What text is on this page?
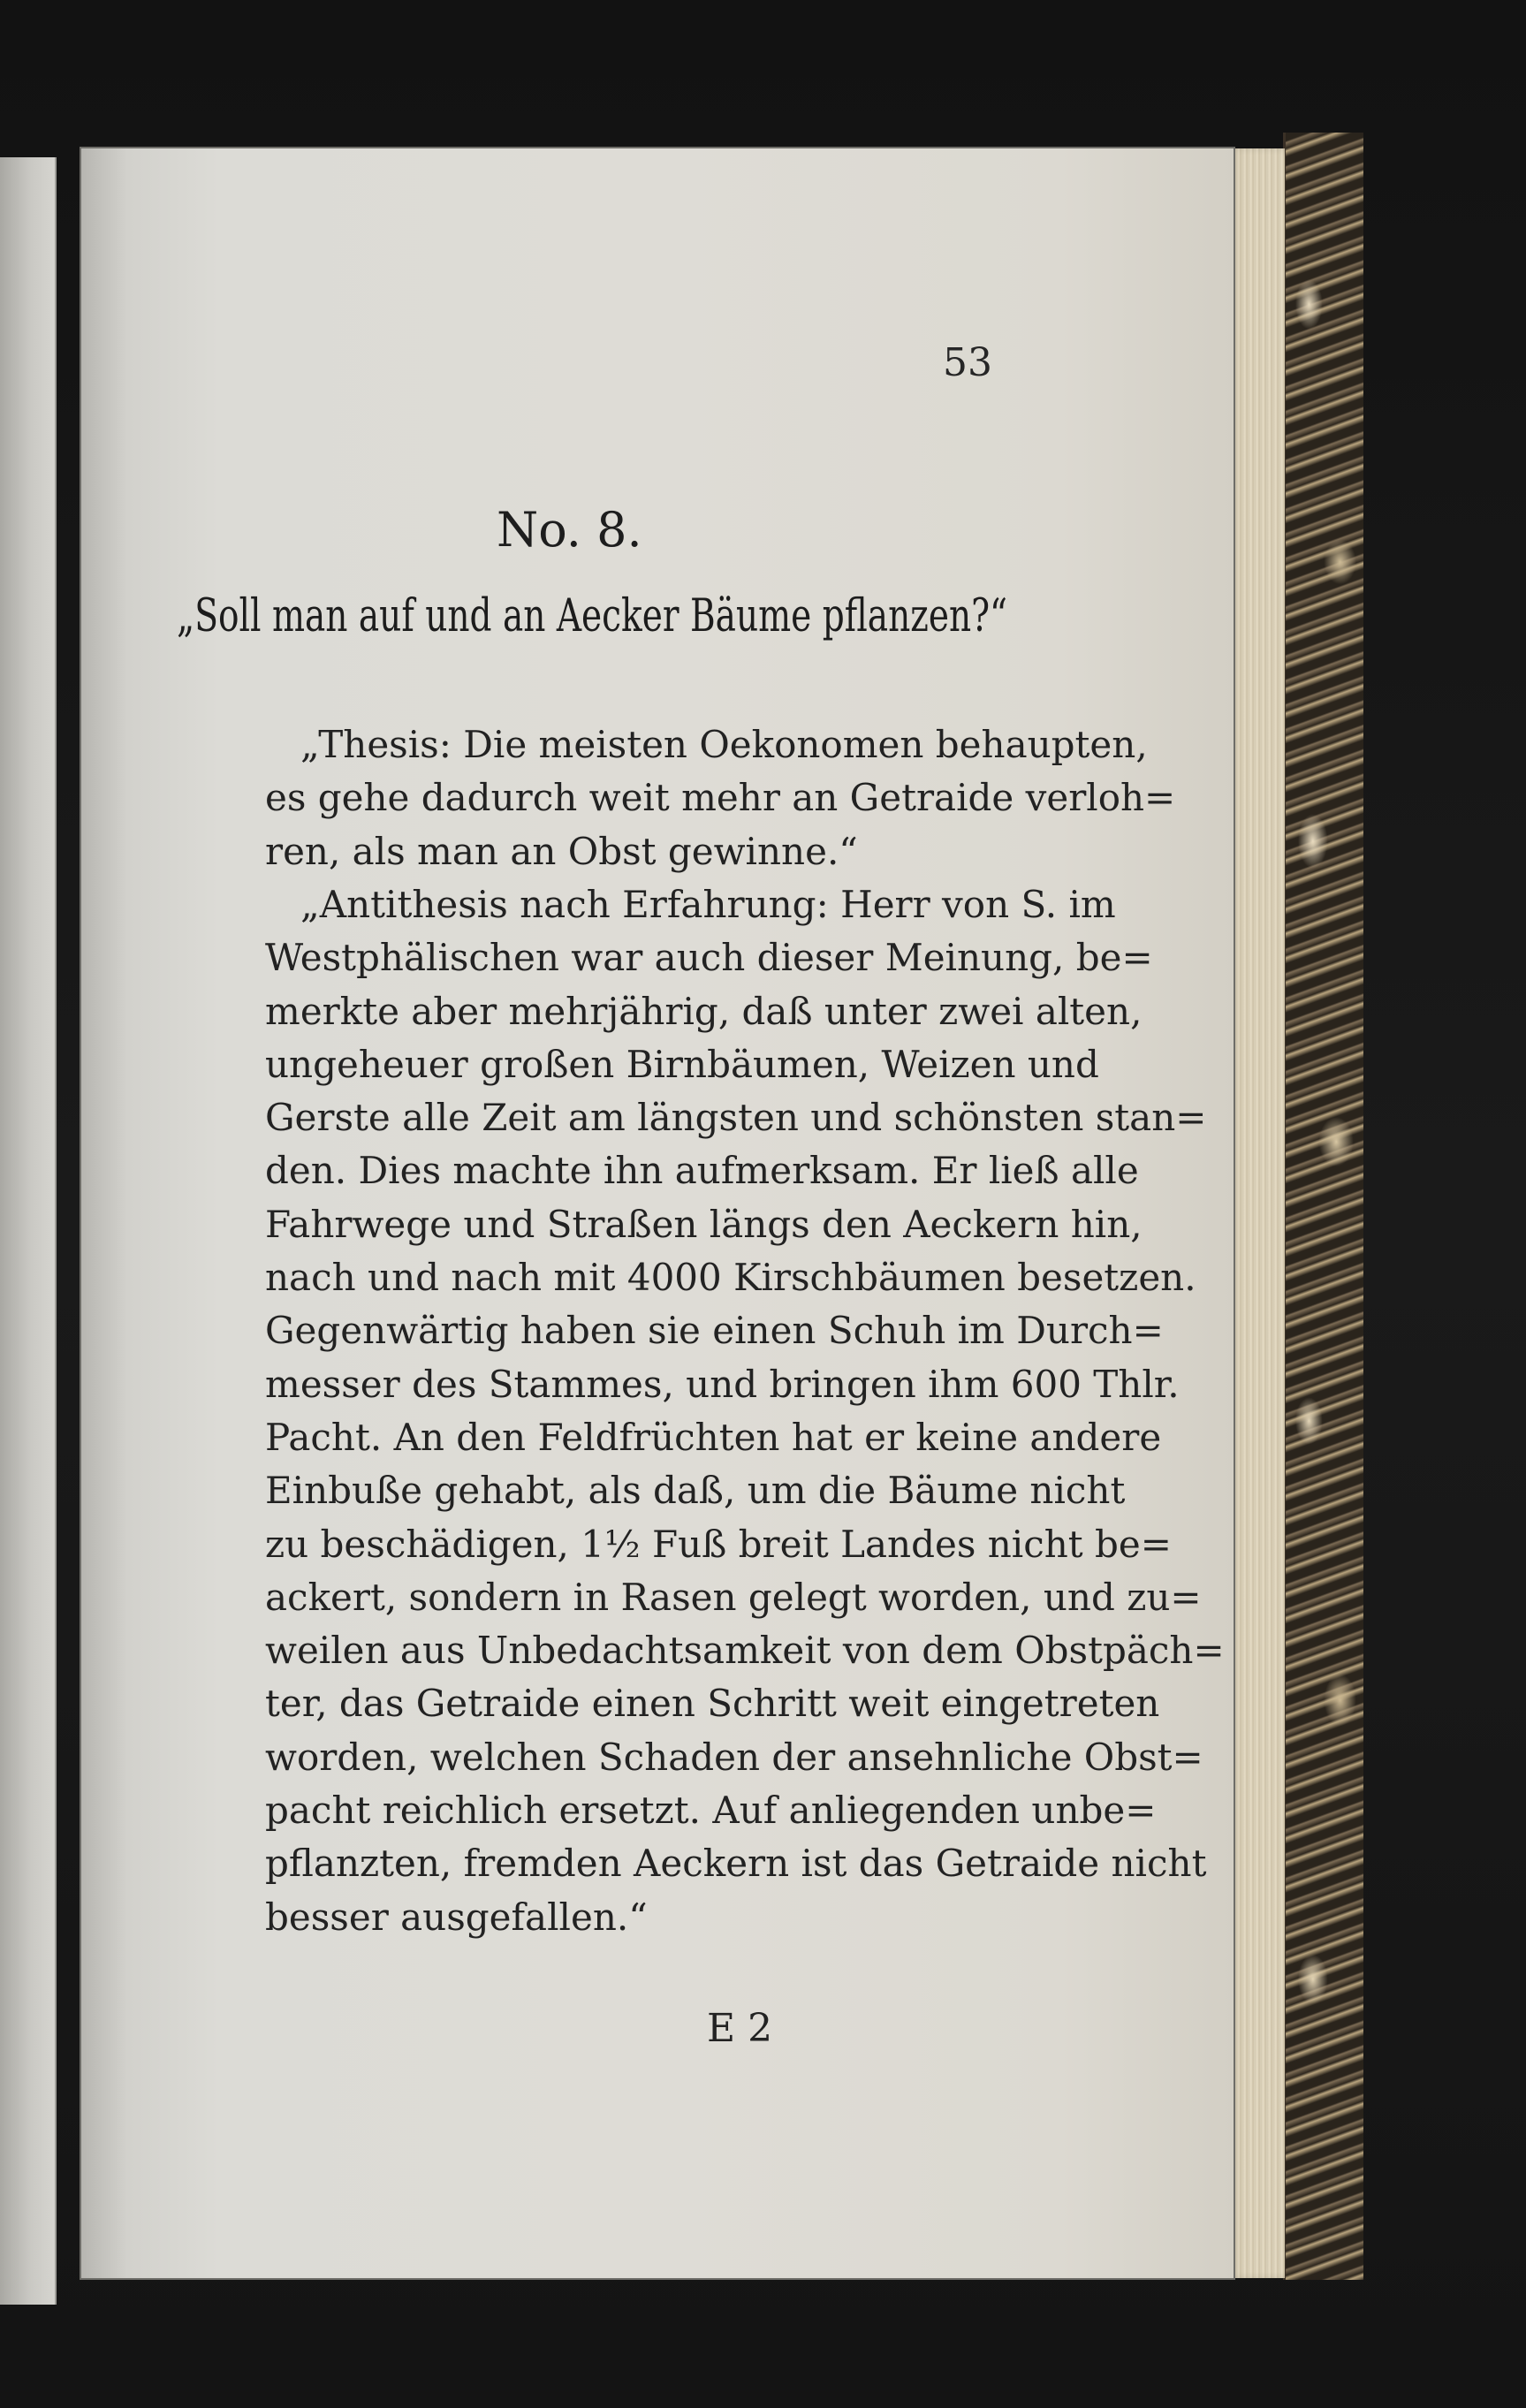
53

No. 8.

„Soll man auf und an Aecker Bäume pflanzen?“

„Thesis: Die meisten Oekonomen behaupten,

es gehe dadurch weit mehr an Getraide verloh=

ren, als man an Obst gewinne.“

„Antithesis nach Erfahrung: Herr von S. im

Westphälischen war auch dieser Meinung, be=

merkte aber mehrjährig, daß unter zwei alten,

ungeheuer großen Birnbäumen, Weizen und

Gerste alle Zeit am längsten und schönsten stan=

den. Dies machte ihn aufmerksam. Er ließ alle

Fahrwege und Straßen längs den Aeckern hin,

nach und nach mit 4000 Kirschbäumen besetzen.

Gegenwärtig haben sie einen Schuh im Durch=

messer des Stammes, und bringen ihm 600 Thlr.

Pacht. An den Feldfrüchten hat er keine andere

Einbuße gehabt, als daß, um die Bäume nicht

zu beschädigen, 1½ Fuß breit Landes nicht be=

ackert, sondern in Rasen gelegt worden, und zu=

weilen aus Unbedachtsamkeit von dem Obstpäch=

ter, das Getraide einen Schritt weit eingetreten

worden, welchen Schaden der ansehnliche Obst=

pacht reichlich ersetzt. Auf anliegenden unbe=

pflanzten, fremden Aeckern ist das Getraide nicht

besser ausgefallen.“

E 2
